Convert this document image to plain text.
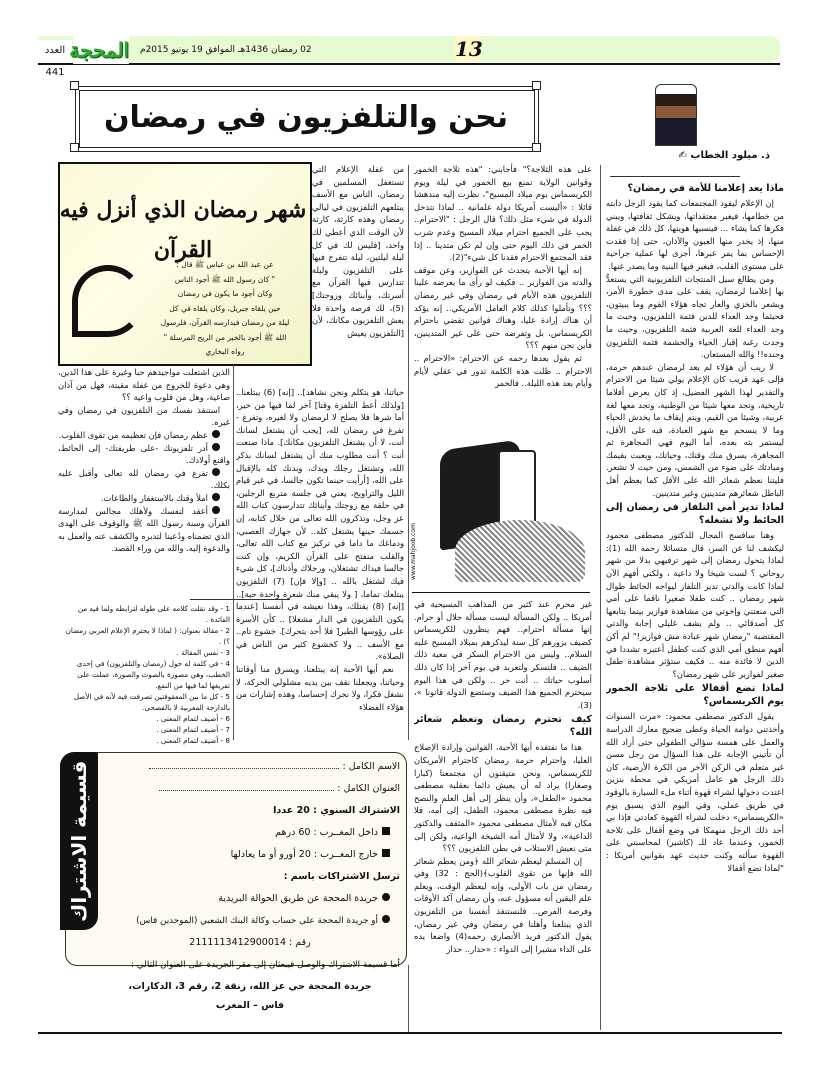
العدد 441
المحجة 02 رمضان 1436هـ الموافق 19 يونيو 2015م	13
نحن والتلفزيون في رمضان
ذ. ميلود الخطاب ✍
ماذا يعد إعلامنا للأمة في رمضان؟

إن الإعلام ليقود المجتمعات كما يقود الرجل دابته من خطامها، فيغير معتقداتها، ويشكل ثقافتها، ويبني فكرها كما يشاء ... فينسيها هويتها، كل ذلك في غفلة منها، إذ يخدر منها العيون والآذان، حتى إذا فقدت الإحساس بما يمر عبرها، أجرى لها عملية جراحية على مستوى القلب، فيغير فيها البنية وما يصدر عنها.

ومن يطالع سيل المنتجات التلفزيونية التي يستعدُّ بها إعلامنا لرمضان، يقف على مدى خطورة الأمر، ويشعر بالخزي والعار تجاه هؤلاء القوم وما يبيتون، فحيثما وجد العداء للدين فثمة التلفزيون، وحيث ما وجد العداء للغة العربية فثمة التلفزيون، وحيث ما وجدت رغبة إقبار الحياء والحشمة فثمة التلفزيون وجنده!! والله المستعان.

لا ريب أن هؤلاء لم يعد لرمضان عندهم حرمة، فإلى عهد قريب كان الإعلام يولي شيئا من الاحترام والتقدير لهذا الشهر الفضيل، إذ كان يعرض أفلاما تاريخية، وتجد معها شيئا من الوطنية، وتجد معها لغة عربية، وشيئا من القيم، ويتم إيقاف ما يخدش الحياء وما لا ينسجم مع شهر العبادة، فيه على الأقل، ليستمر بثه بعده، أما اليوم فهي المجاهرة ثم المجاهرة، يسرق منك وقتك، وحياتك، ويعبث بقيمك ومبادئك على ضوء من الشمس، ومن حيث لا تشعر. فليتنا نعظم شعائر الله على الأقل كما يعظم أهل الباطل شعائرهم متدينين وغير متدينين.

لماذا تدير أمي التلفاز في رمضان إلى الحائط ولا تشغله؟

وهنا سافسح المجال للدكتور مصطفى محمود ليكشف لنا عن السر، قال متسائلا رحمه الله (1): لماذا يتحول رمضان إلى شهر ترفيهي بدلا من شهر روحاني ؟ لست شيخا ولا داعية ، ولكني أفهم الآن لماذا كانت والدتي تدير التلفاز ليواجه الحائط طوال شهر رمضان .. كنت طفلا صغيرا ناقما على أمي التي منعتني وإخوتي من مشاهدة فوازير بينما يتابعها كل أصدقائي .. ولم يشف غليلي إجابة والدتي المقتضبة "رمضان شهر عبادة مش فوازير!" لم أكن أفهم منطق أمي الذي كنت كطفل أعتبره تشددا في الدين لا فائدة منه .. فكيف ستؤثر مشاهدة طفل صغير لفوازير على شهر رمضان؟

لماذا تضع أقفالا على ثلاجة الخمور يوم الكريسماس؟

يقول الدكتور مصطفى محمود: «مرت السنوات وأخذتني دوامة الحياة وغطى ضجيج معارك الدراسة والعمل على همسة سؤالي الطفولي حتى أراد الله أن تأتيني الإجابة على هذا السؤال من رجل مسن غير متعلم في الركن الآخر من الكرة الأرضية، كان ذلك الرجل هو عامل أمريكي في محطة بنزين اعتدت دخولها لشراء قهوة أثناء ملء السيارة بالوقود في طريق عملي، وفي اليوم الذي يسبق يوم «الكريسماس» دخلت لشراء القهوة كعادتي فإذا بي أجد ذلك الرجل منهمكا في وضع أقفال على ثلاجة الخمور، وعندما عاد للـ (كاشير) لمحاسبتي على القهوة سألته وكنت حديث عهد بقوانين أمريكا : "لماذا تضع أقفالا

على هذه الثلاجة؟" فأجابني: "هذه ثلاجة الخمور وقوانين الولاية تمنع بيع الخمور في ليلة ويوم الكريسماس يوم ميلاد المسيح"، نظرت إليه مندهشا قائلا : «أليست أمريكا دولة علمانية .. لماذا تتدخل الدولة في شيء مثل ذلك؟ قال الرجل : "الاحترام.. يجب على الجميع احترام ميلاد المسيح وعدم شرب الخمر في ذلك اليوم حتى وإن لم تكن متدينا .. إذا فقد المجتمع الاحترام فقدنا كل شيء"(2).

إنه أيها الأحبة يتحدث عن الفوازير، وعن موقف والدته من الفوازير .. فكيف لو رأى ما يعرضه علينا التلفزيون هذه الأيام في رمضان وفي غير رمضان ؟؟؟ وتأملوا كذلك كلام العامل الأمريكي.. إنه يؤكد أن هناك إرادة عليا، وهناك قوانين تقضي باحترام الكريسماس، بل وتفرضه حتى على غير المتدينين، فأين نحن منهم ؟؟؟

ثم يقول بعدها رحمه عن الاحترام: «الاحترام .. الاحترام .. ظلت هذه الكلمة تدور في عقلي لأيام وأيام بعد هذه الليلة.. فالخمر

www.mahjoob.com

غير محرم عند كثير من المذاهب المسيحية في أمريكا .. ولكن المسألة ليست مسألة حلال أو حرام. إنها مسألة احترام.. فهم ينظرون للكريسماس كضيف يزورهم كل سنة ليذكرهم بميلاد المسيح عليه السلام.. وليس من الاحترام السكر في معية ذلك الضيف .. فلتسكر ولتعربد في يوم آخر إذا كان ذلك أسلوب حياتك .. أنت حر .. ولكن في هذا اليوم سيحترم الجميع هذا الضيف وستضع الدولة قانونا »، (3).

كيف تحترم رمضان وتعظم شعائر الله؟

هذا ما نفتقده أيها الأحبة، القوانين وإرادة الإصلاح العليا، واحترام حرمة رمضان كاحترام الأمريكان للكريسماس، ونحن متيقنون أن مجتمعنا (كبارا وصغارا) يراد له أن يعيش دائما بعقلية مصطفى محمود «الطفل»، وأن ينظر إلى أهل العلم والنصح فيه نظرة مصطفى محمود، الطفل، إلى أمه، فلا مكان فيه لأمثال مصطفى محمود «المثقف والدكتور الداعية»، ولا لأمثال أمه الشيخة الواعية، ولكن إلى متى نعيش الاستلاب في بطن التلفزيون ؟؟؟

إن المسلم ليعظم شعائر الله ﴿ومن يعظم شعائر الله فإنها من تقوى القلوب﴾(الحج : 32) وفي رمضان من باب الأولى، وإنه ليعظم الوقت، ويعلم علم اليقين أنه مسؤول عنه، وأن رمضان آكد الأوقات وفرصة الفرص.. فلنستنقذ أنفسنا من التلفزيون الذي يبتلعنا وأهلنا في رمضان وفي غير رمضان، يقول الدكتور فريد الأنصاري رحمه(4) واضعا يده على الداء مشيرا إلى الدواء : «حذار.. حذار

من غفلة الإعلام التي تستغفل المسلمين في رمضان، الناس مع الأسف يبتلعهم التلفزيون في ليالي رمضان وهذه كارثة، كارثة لأن الوقت الذي أعطي لك واحد، [فليس لك في كل ليلة ليلتين، ليلة تتفرج فيها على التلفزيون وليلة تتدارس فيها القرآن مع أسرتك، وأبنائك وزوجتك] (5)، لك فرصة واحدة فلا يعش التلفزيون مكانك، لأن [التلفزيون يعيش

حياتنا، هو يتكلم ونحن نشاهد].. [إنه] (6) يبتلعنا.. [ولذلك أعط التلفزة وقتا] آخر لما فيها من خير، أما شرها فلا يصلح لا لرمضان ولا لغيره، وتفرغ - تفرغ في رمضان لله، [يجب أن يشتغل لسانك أنت، لا أن يشتغل التلفزيون مكانك]. ماذا صنعت أنت ؟ أنت مطلوب منك أن يشتغل لسانك بذكر الله، وتشتغل رجلك ويدك، وبدنك كله بالإقبال على الله، [أرأيت حينما تكون جالسا، في غير قيام الليل والتراويح، يعني في جلسة متربع الرجلين، في حلقة مع زوجتك وأبنائك تتدارسون كتاب الله عز وجل، وتذكرون الله تعالى من خلال كتابه، إن جسمك حينها يشتغل كله.. لأن جهازك العصبي، ودماغك ما داما في تركيز مع كتاب الله تعالى، والقلب منفتح على القرآن الكريم، وإن كنت جالسا فيداك تشتغلان، ورجلاك وأذناك]، كل شيء فيك لشتغل بالله .. [وإلا فإن] (7) التلفزيون يبتلعك تماما، [ ولا يبقي منك شعرة واحدة حية].. [إنه] (8) يقتلك، وهذا نعيشه في أنفسنا [عندما يكون التلفزيون في الدار مشغلا] .. كأن الأسرة على رؤوسها الطير[ فلا أحد يتحرك]. خشوع تام.. مع الأسف .. ولا كخشوع كثير من الناس في الصلاة».

نعم أيها الأحبة إنه يبتلعنا، ويسرق منا أوقاتنا وحياتنا، ويجعلنا نقف بين يديه مشلولي الحركة، لا نشغل فكرا، ولا نحرك إحساسا، وهذه إشارات من هؤلاء الفضلاء

شهر رمضان الذي أنزل فيه القرآن
عن عبد الله بن عباس ﷺ قال :
" كان رسول الله ﷺ أجود الناس
وكان أجود ما يكون في رمضان
حين يلقاه جبريل، وكان يلقاه في كل
ليلة من رمضان فيدارسه القرآن، فلرسول
الله ﷺ أجود بالخير من الريح المرسلة "
رواه البخاري

الذين اشتعلت مواجيدهم حبا وغيرة على هذا الدين، وهي دعوة للخروج من غفلة مقيتة، فهل من آذان صاغية، وهل من قلوب واعية ؟؟

استنقذ نفسك من التلفزيون في رمضان وفي غيره.

عظم رمضان فإن تعظيمه من تقوى القلوب.

أدر تلفزيونك -على طريقتك- إلى الحائط، واقنع أولادك.

تفرغ في رمضان لله تعالى وأقبل عليه بكلك.

املأ وقتك بالاستغفار والطاعات.

أعقد لنفسك ولأهلك مجالس لمدارسة القرآن وسنة رسول الله ﷺ والوقوف على الهدى الذي تضمناه ودُعينا لتدبره والكشف عنه والعمل به والدعوة إليه. والله من وراء القصد.

1 - وقد نقلت كلامه على طوله لترابطه ولما فيه من الفائدة .
2 - مقالة بعنوان: ( لماذا لا يحترم الإعلام العربي رمضان ؟) .
3 - نفس المقالة .
4 - في كلمة له حول (رمضان والتلفزيون) في إحدى الخطب، وهي مصورة بالصوت والصورة، عملت على تفريغها لما فيها من النفع.
5 - كل ما بين المعقوفتين تصرفت فيه لأنه في الأصل بالدارجة المغربية لا بالفصحى.
6 - أضيف لتمام المعنى .
7 - أضيف لتمام المعنى .
8 - أضيف لتمام المعنى .
قسيمة الاشتراك	الاسم الكامل :
العنوان الكامل :
الاشتراك السنوي : 20 عددا
داخل المغــرب : 60 درهم
خارج المغــرب : 20 أورو أو ما يعادلها
ترسل الاشتراكات باسم :
جريدة المحجة عن طريق الحوالة البريدية
أو جريدة المحجة على حساب وكالة البنك الشعبي (الموحدين فاس)
رقم : 2111113412900014
أما قسيمة الاشتراك والوصل فيبعثان إلى مقر الجريدة على العنوان التالي :
جريدة المحجة حي عز الله، زنقة 2، رقم 3، الدكارات،
فاس – المغرب
